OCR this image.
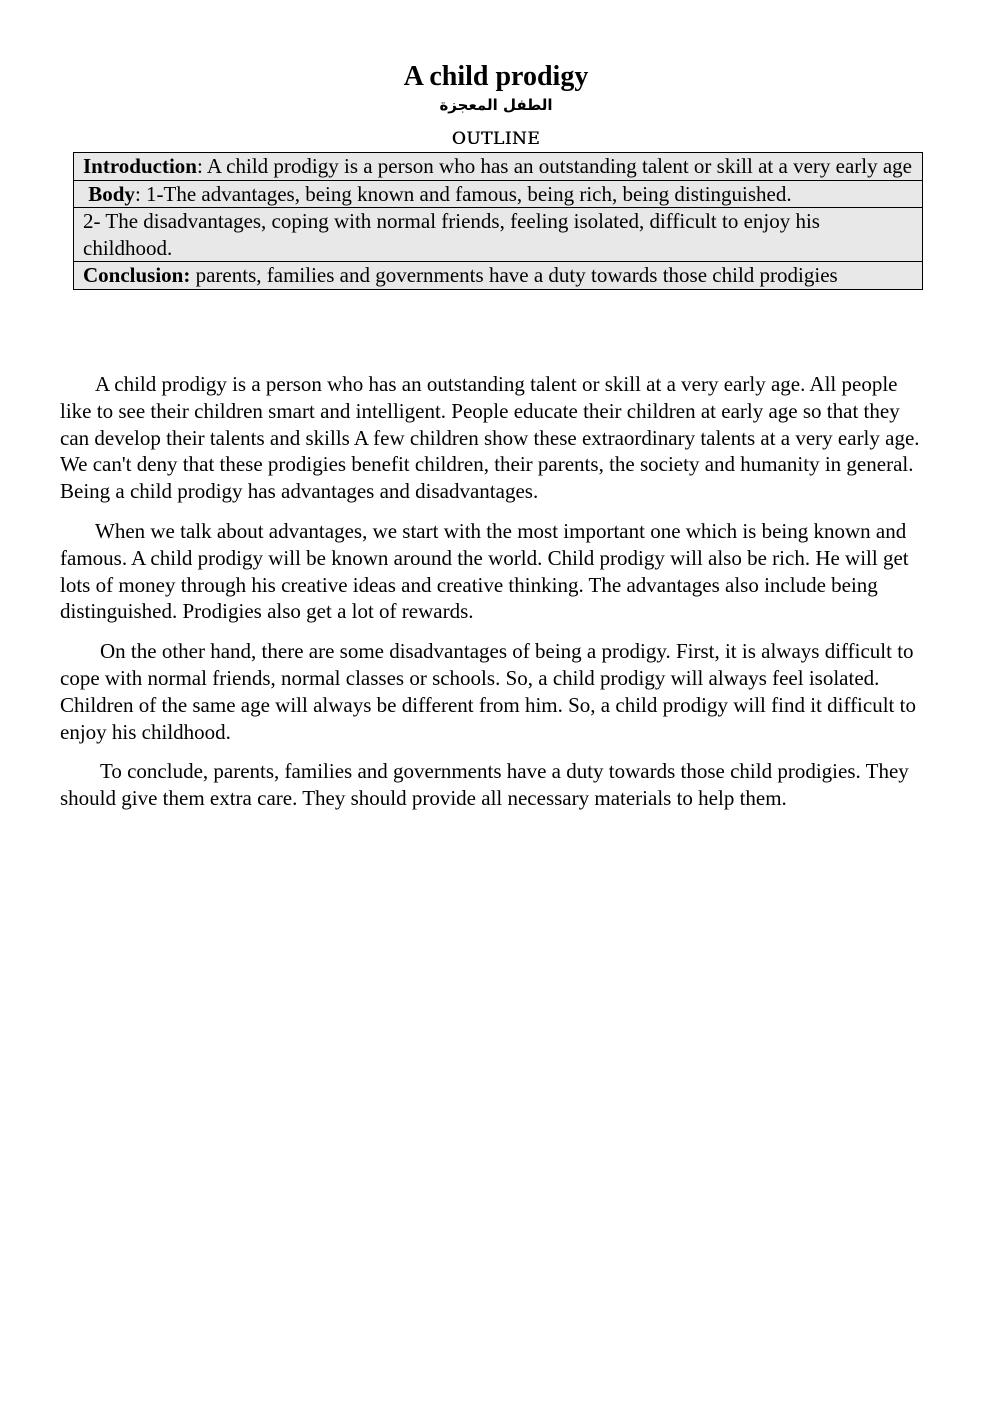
A child prodigy
الطفل المعجزة
OUTLINE
Introduction: A child prodigy is a person who has an outstanding talent or skill at a very early age
Body: 1-The advantages, being known and famous, being rich, being distinguished.
2- The disadvantages, coping with normal friends, feeling isolated, difficult to enjoy his childhood.
Conclusion: parents, families and governments have a duty towards those child prodigies

A child prodigy is a person who has an outstanding talent or skill at a very early age. All people like to see their children smart and intelligent. People educate their children at early age so that they can develop their talents and skills A few children show these extraordinary talents at a very early age. We can't deny that these prodigies benefit children, their parents, the society and humanity in general. Being a child prodigy has advantages and disadvantages.

When we talk about advantages, we start with the most important one which is being known and famous. A child prodigy will be known around the world. Child prodigy will also be rich. He will get lots of money through his creative ideas and creative thinking. The advantages also include being distinguished. Prodigies also get a lot of rewards.

On the other hand, there are some disadvantages of being a prodigy. First, it is always difficult to cope with normal friends, normal classes or schools. So, a child prodigy will always feel isolated. Children of the same age will always be different from him. So, a child prodigy will find it difficult to enjoy his childhood.

To conclude, parents, families and governments have a duty towards those child prodigies. They should give them extra care. They should provide all necessary materials to help them.
